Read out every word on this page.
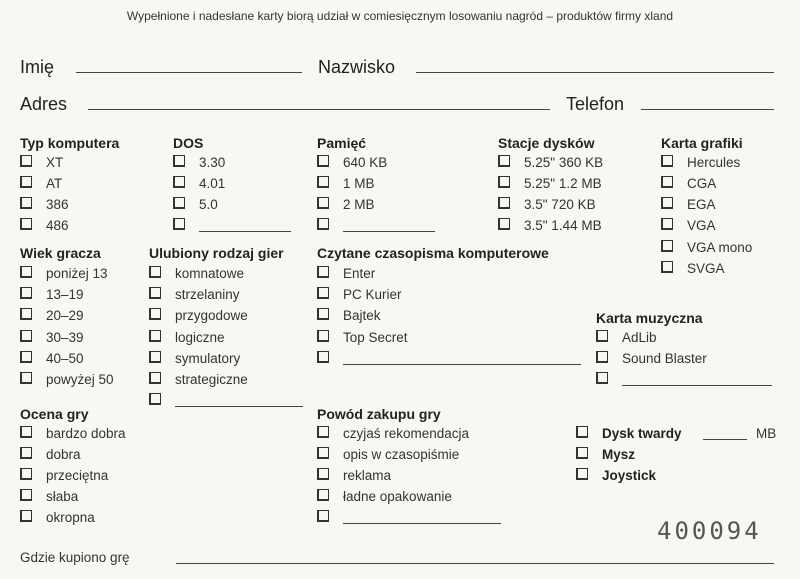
Wypełnione i nadesłane karty biorą udział w comiesięcznym losowaniu nagród – produktów firmy xland
Imię	Nazwisko
Adres	Telefon
Typ komputera
XT
AT
386
486
DOS
3.30
4.01
5.0
Pamięć
640 KB
1 MB
2 MB
Stacje dysków
5.25" 360 KB
5.25" 1.2 MB
3.5" 720 KB
3.5" 1.44 MB
Karta grafiki
Hercules
CGA
EGA
VGA
VGA mono
SVGA
Wiek gracza
poniżej 13
13–19
20–29
30–39
40–50
powyżej 50
Ulubiony rodzaj gier
komnatowe
strzelaniny
przygodowe
logiczne
symulatory
strategiczne
Czytane czasopisma komputerowe
Enter
PC Kurier
Bajtek
Top Secret
Karta muzyczna
AdLib
Sound Blaster
Ocena gry
bardzo dobra
dobra
przeciętna
słaba
okropna
Powód zakupu gry
czyjaś rekomendacja
opis w czasopiśmie
reklama
ładne opakowanie
Dysk twardy	MB
Mysz
Joystick
400094
Gdzie kupiono grę
